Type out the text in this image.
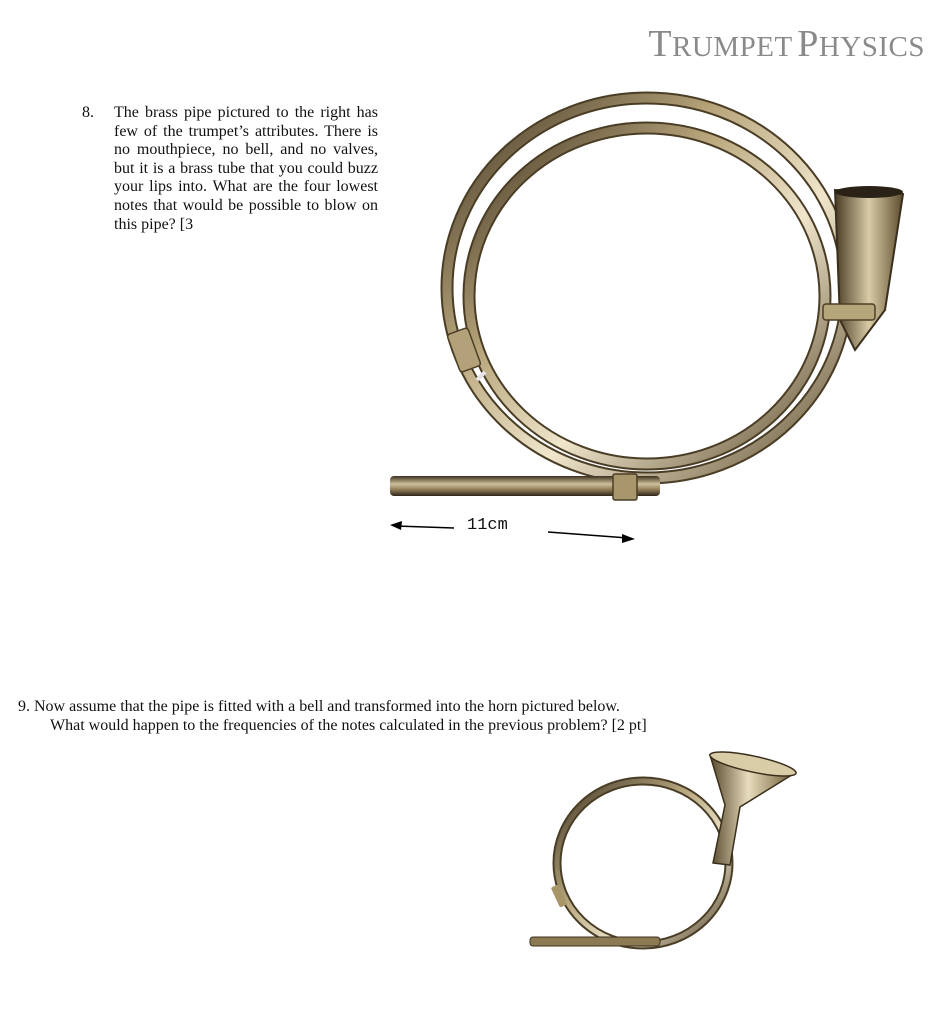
TRUMPET PHYSICS
8. The brass pipe pictured to the right has few of the trumpet’s attributes. There is no mouthpiece, no bell, and no valves, but it is a brass tube that you could buzz your lips into. What are the four lowest notes that would be possible to blow on this pipe? [3
11cm
9. Now assume that the pipe is fitted with a bell and transformed into the horn pictured below.
What would happen to the frequencies of the notes calculated in the previous problem? [2 pt]
